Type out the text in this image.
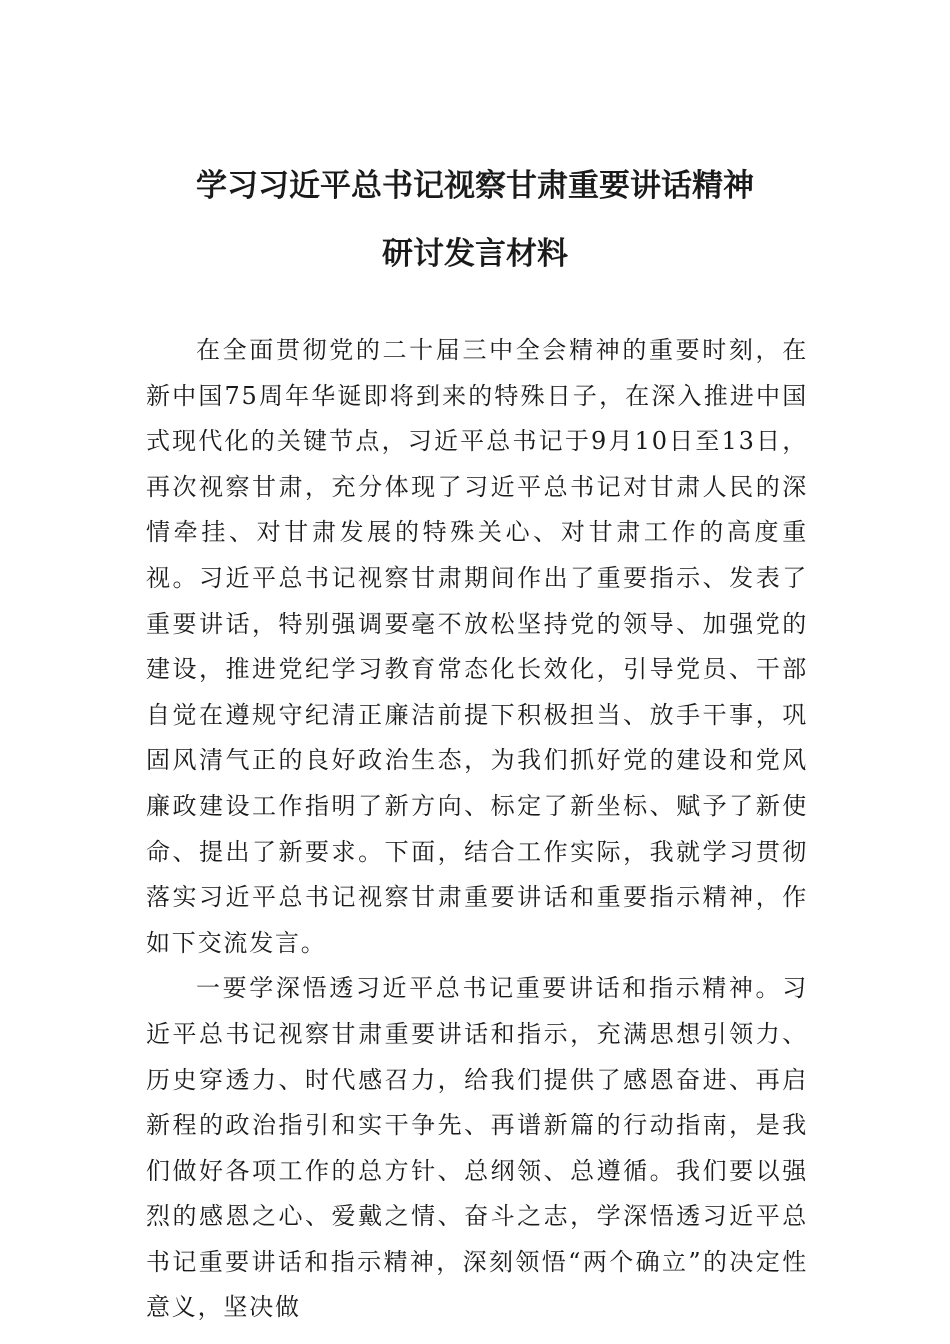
学习习近平总书记视察甘肃重要讲话精神
研讨发言材料

在全面贯彻党的二十届三中全会精神的重要时刻，在新中国75周年华诞即将到来的特殊日子，在深入推进中国式现代化的关键节点，习近平总书记于9月10日至13日，再次视察甘肃，充分体现了习近平总书记对甘肃人民的深情牵挂、对甘肃发展的特殊关心、对甘肃工作的高度重视。习近平总书记视察甘肃期间作出了重要指示、发表了重要讲话，特别强调要毫不放松坚持党的领导、加强党的建设，推进党纪学习教育常态化长效化，引导党员、干部自觉在遵规守纪清正廉洁前提下积极担当、放手干事，巩固风清气正的良好政治生态，为我们抓好党的建设和党风廉政建设工作指明了新方向、标定了新坐标、赋予了新使命、提出了新要求。下面，结合工作实际，我就学习贯彻落实习近平总书记视察甘肃重要讲话和重要指示精神，作如下交流发言。

一要学深悟透习近平总书记重要讲话和指示精神。习近平总书记视察甘肃重要讲话和指示，充满思想引领力、历史穿透力、时代感召力，给我们提供了感恩奋进、再启新程的政治指引和实干争先、再谱新篇的行动指南，是我们做好各项工作的总方针、总纲领、总遵循。我们要以强烈的感恩之心、爱戴之情、奋斗之志，学深悟透习近平总书记重要讲话和指示精神，深刻领悟“两个确立”的决定性意义，坚决做
